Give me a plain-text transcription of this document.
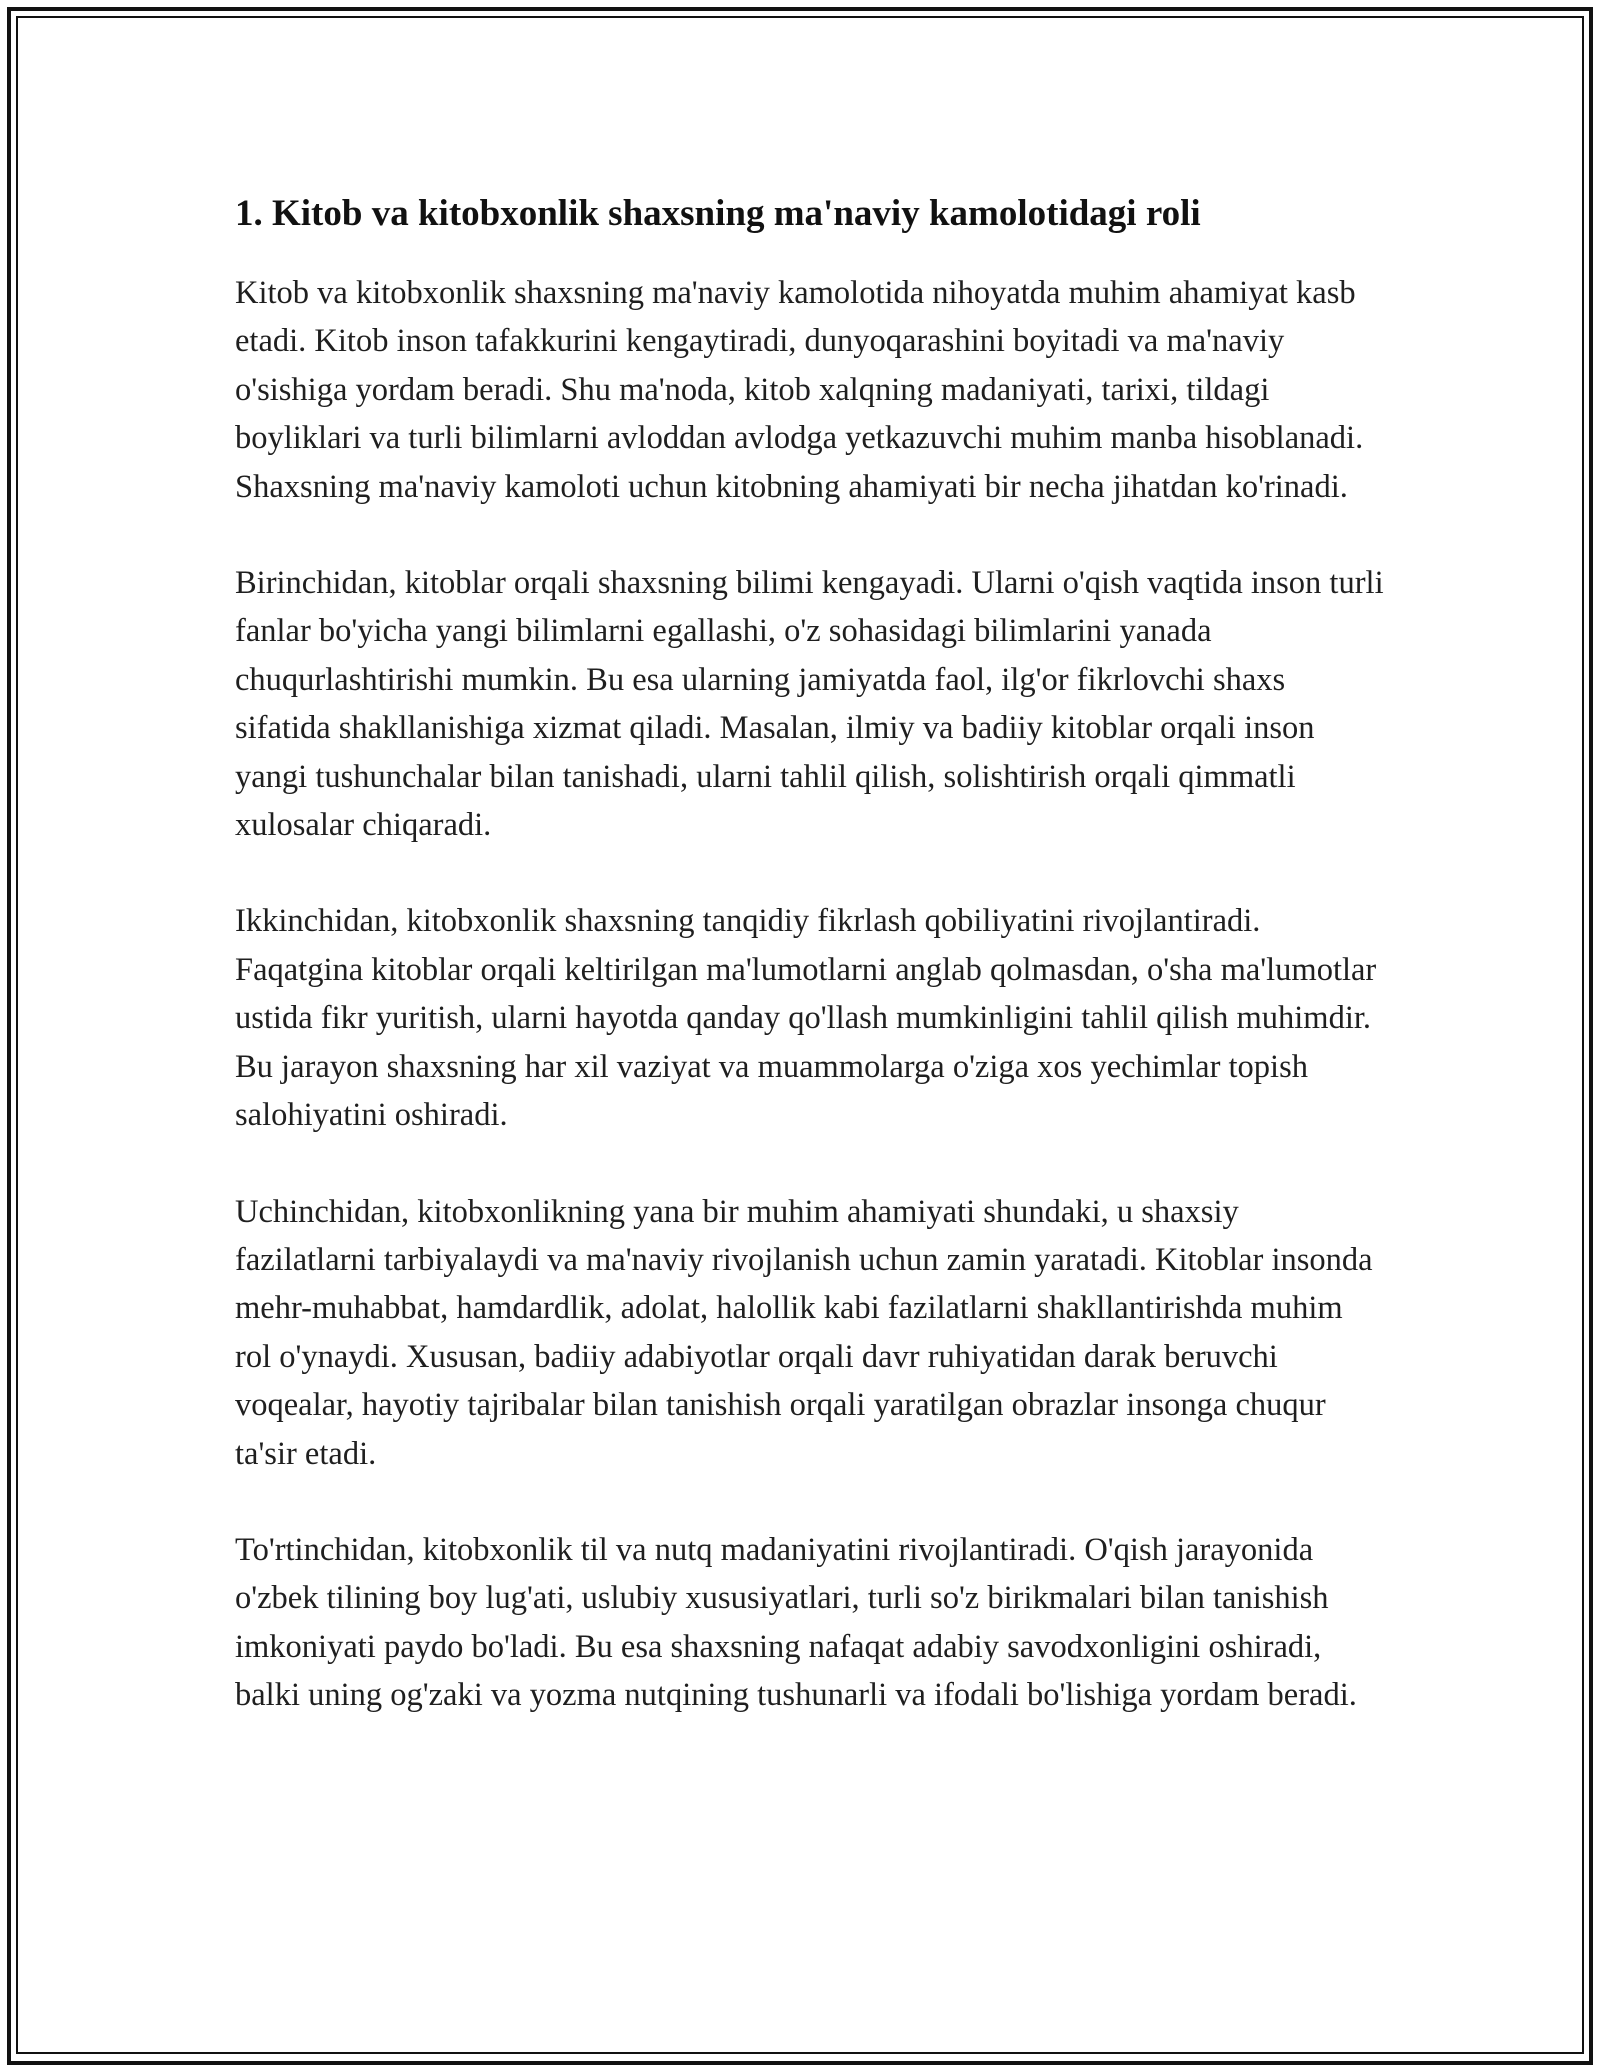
1. Kitob va kitobxonlik shaxsning ma'naviy kamolotidagi roli

Kitob va kitobxonlik shaxsning ma'naviy kamolotida nihoyatda muhim ahamiyat kasb etadi. Kitob inson tafakkurini kengaytiradi, dunyoqarashini boyitadi va ma'naviy o'sishiga yordam beradi. Shu ma'noda, kitob xalqning madaniyati, tarixi, tildagi boyliklari va turli bilimlarni avloddan avlodga yetkazuvchi muhim manba hisoblanadi. Shaxsning ma'naviy kamoloti uchun kitobning ahamiyati bir necha jihatdan ko'rinadi.

Birinchidan, kitoblar orqali shaxsning bilimi kengayadi. Ularni o'qish vaqtida inson turli fanlar bo'yicha yangi bilimlarni egallashi, o'z sohasidagi bilimlarini yanada chuqurlashtirishi mumkin. Bu esa ularning jamiyatda faol, ilg'or fikrlovchi shaxs sifatida shakllanishiga xizmat qiladi. Masalan, ilmiy va badiiy kitoblar orqali inson yangi tushunchalar bilan tanishadi, ularni tahlil qilish, solishtirish orqali qimmatli xulosalar chiqaradi.

Ikkinchidan, kitobxonlik shaxsning tanqidiy fikrlash qobiliyatini rivojlantiradi. Faqatgina kitoblar orqali keltirilgan ma'lumotlarni anglab qolmasdan, o'sha ma'lumotlar ustida fikr yuritish, ularni hayotda qanday qo'llash mumkinligini tahlil qilish muhimdir. Bu jarayon shaxsning har xil vaziyat va muammolarga o'ziga xos yechimlar topish salohiyatini oshiradi.

Uchinchidan, kitobxonlikning yana bir muhim ahamiyati shundaki, u shaxsiy fazilatlarni tarbiyalaydi va ma'naviy rivojlanish uchun zamin yaratadi. Kitoblar insonda mehr-muhabbat, hamdardlik, adolat, halollik kabi fazilatlarni shakllantirishda muhim rol o'ynaydi. Xususan, badiiy adabiyotlar orqali davr ruhiyatidan darak beruvchi voqealar, hayotiy tajribalar bilan tanishish orqali yaratilgan obrazlar insonga chuqur ta'sir etadi.

To'rtinchidan, kitobxonlik til va nutq madaniyatini rivojlantiradi. O'qish jarayonida o'zbek tilining boy lug'ati, uslubiy xususiyatlari, turli so'z birikmalari bilan tanishish imkoniyati paydo bo'ladi. Bu esa shaxsning nafaqat adabiy savodxonligini oshiradi, balki uning og'zaki va yozma nutqining tushunarli va ifodali bo'lishiga yordam beradi.
